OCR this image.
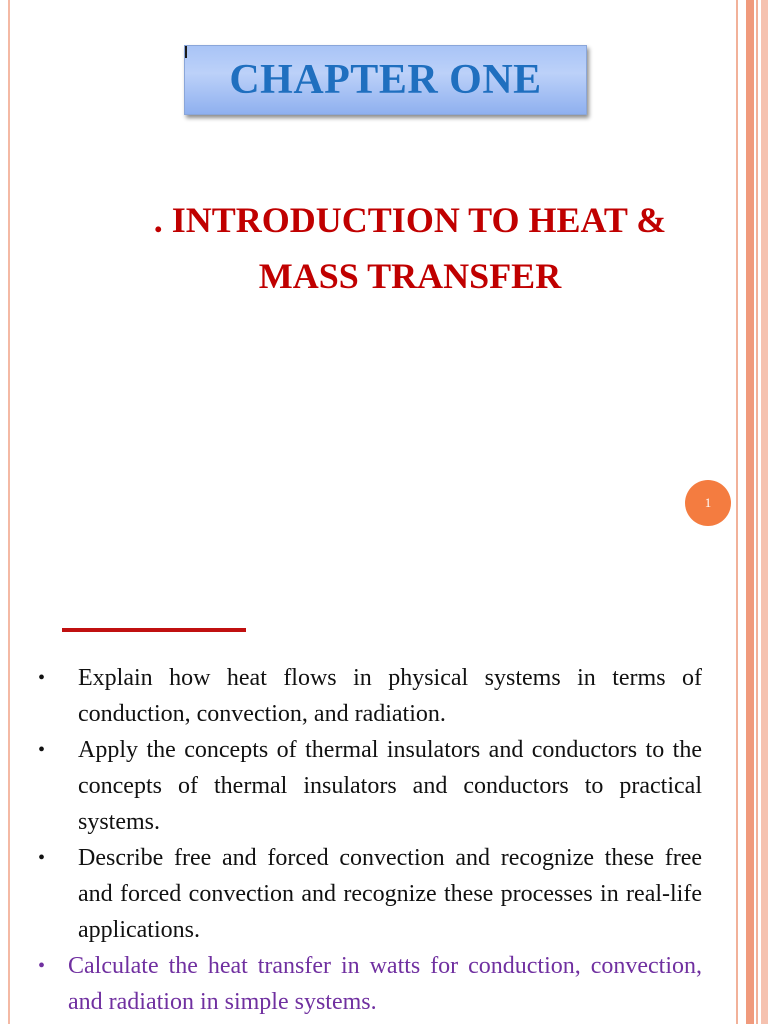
CHAPTER ONE
. INTRODUCTION TO HEAT &
MASS TRANSFER
1
• Explain how heat flows in physical systems in terms of conduction, convection, and radiation.
• Apply the concepts of thermal insulators and conductors to the concepts of thermal insulators and conductors to practical systems.
• Describe free and forced convection and recognize these free and forced convection and recognize these processes in real-life applications.
• Calculate the heat transfer in watts for conduction, convection, and radiation in simple systems.
